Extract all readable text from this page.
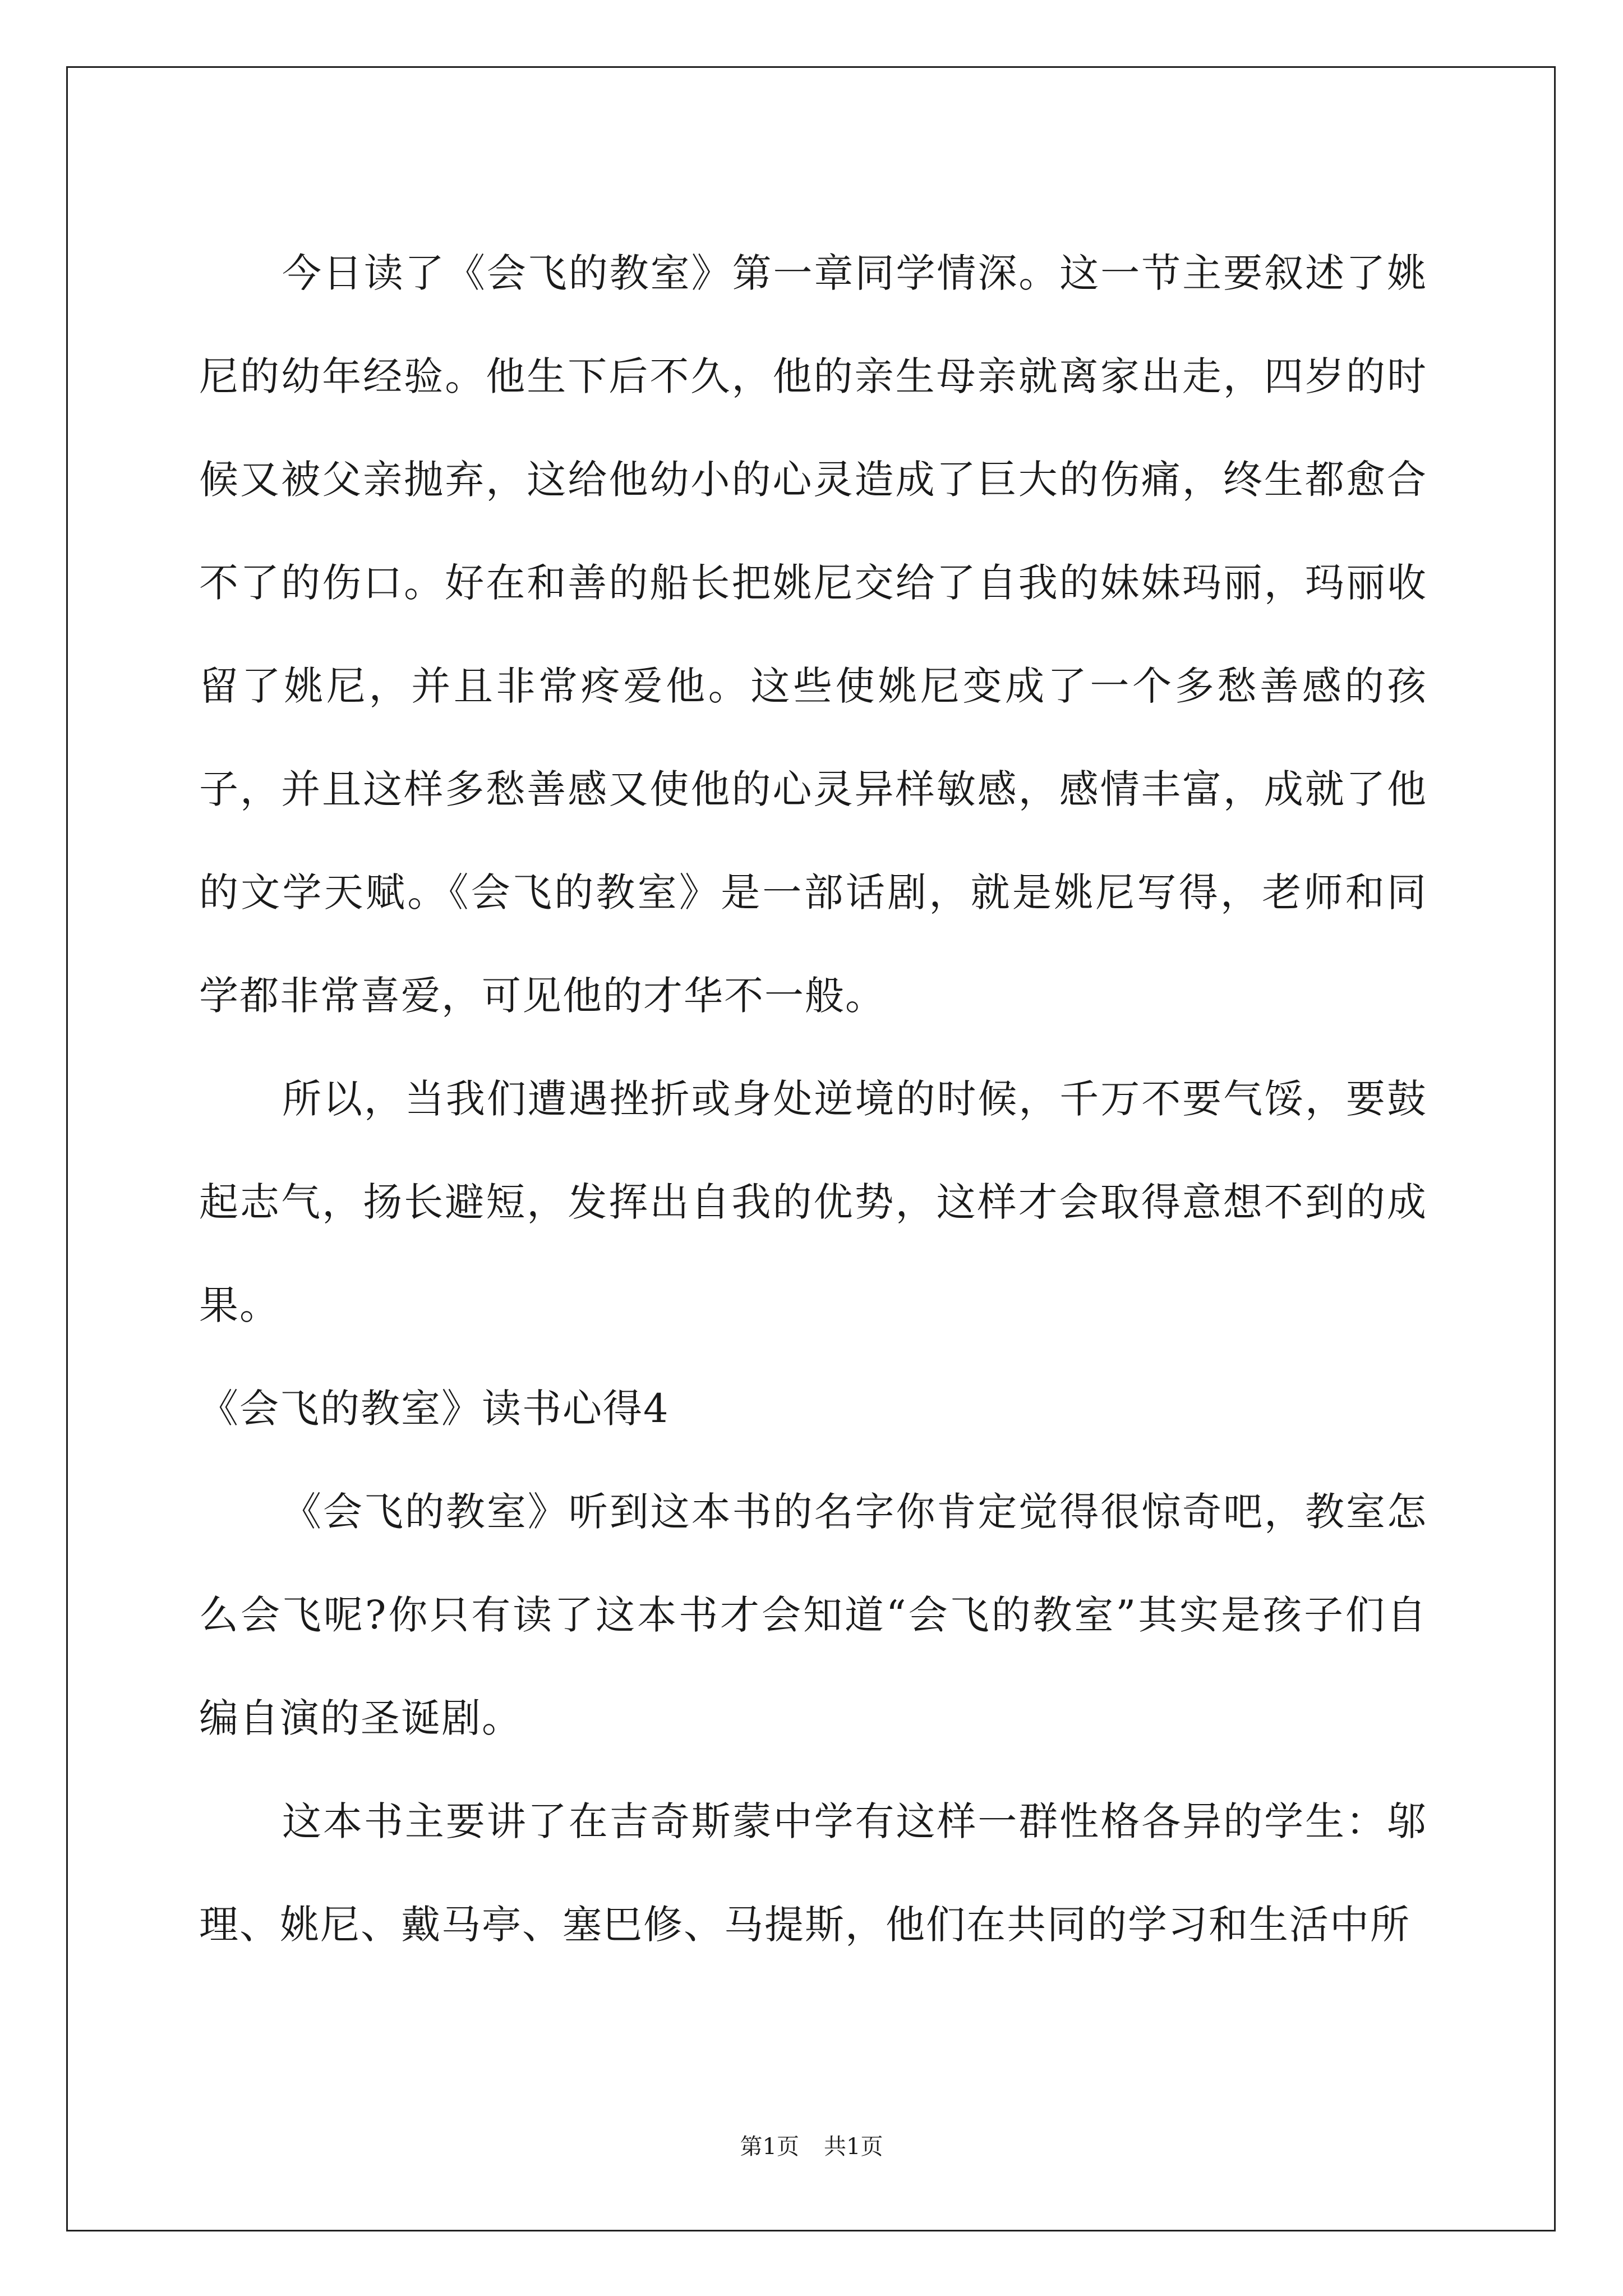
今日读了《会飞的教室》第一章同学情深。这一节主要叙述了姚尼的幼年经验。他生下后不久，他的亲生母亲就离家出走，四岁的时候又被父亲抛弃，这给他幼小的心灵造成了巨大的伤痛，终生都愈合不了的伤口。好在和善的船长把姚尼交给了自我的妹妹玛丽，玛丽收留了姚尼，并且非常疼爱他。这些使姚尼变成了一个多愁善感的孩子，并且这样多愁善感又使他的心灵异样敏感，感情丰富，成就了他的文学天赋。《会飞的教室》是一部话剧，就是姚尼写得，老师和同学都非常喜爱，可见他的才华不一般。

所以，当我们遭遇挫折或身处逆境的时候，千万不要气馁，要鼓起志气，扬长避短，发挥出自我的优势，这样才会取得意想不到的成果。

《会飞的教室》读书心得4

《会飞的教室》听到这本书的名字你肯定觉得很惊奇吧，教室怎么会飞呢?你只有读了这本书才会知道“会飞的教室”其实是孩子们自编自演的圣诞剧。

这本书主要讲了在吉奇斯蒙中学有这样一群性格各异的学生：邬理、姚尼、戴马亭、塞巴修、马提斯，他们在共同的学习和生活中所

第1页 共1页
